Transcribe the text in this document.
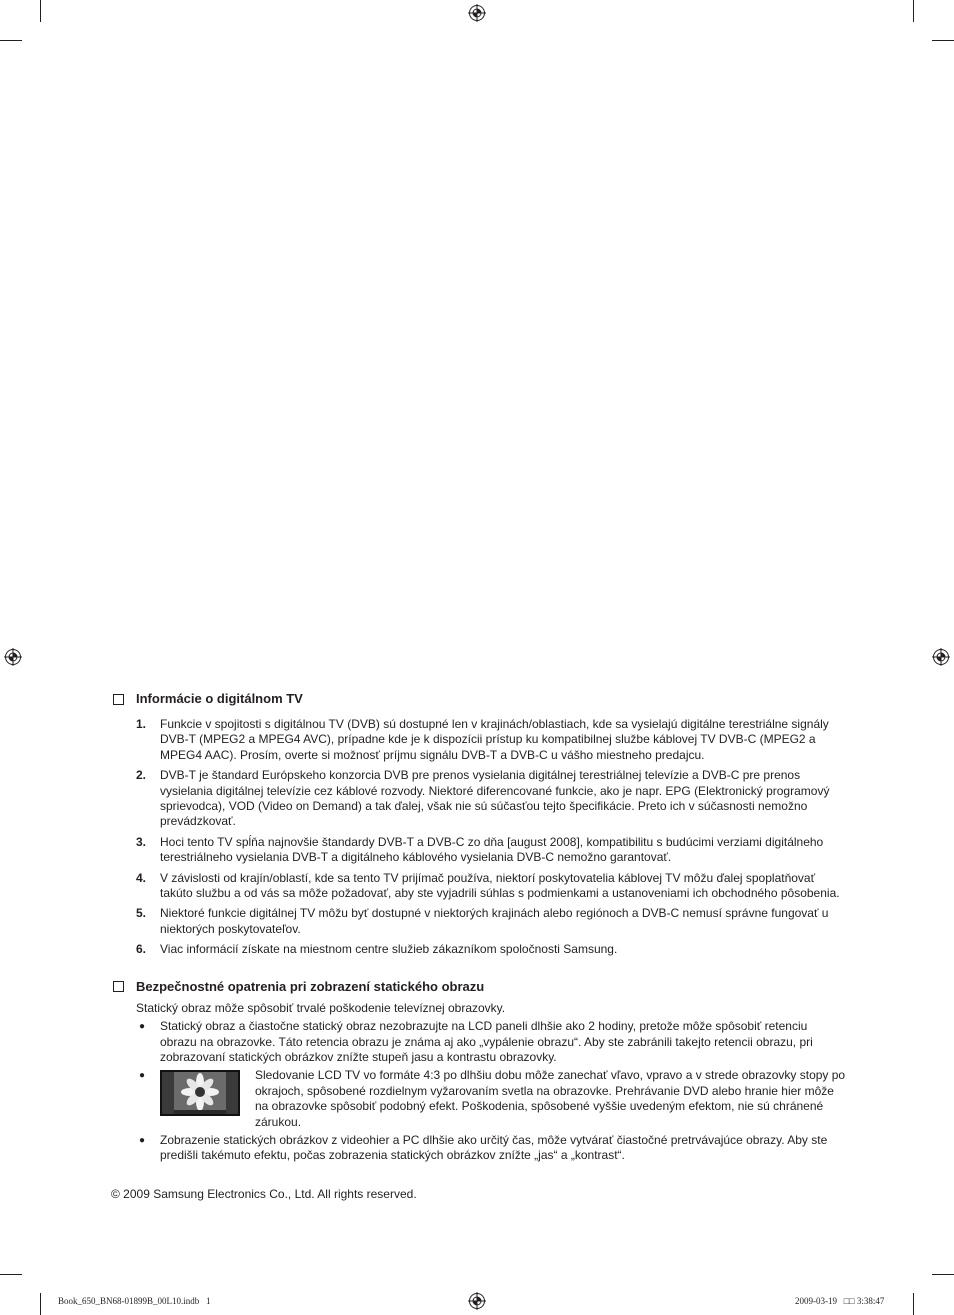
Informácie o digitálnom TV
1.	Funkcie v spojitosti s digitálnou TV (DVB) sú dostupné len v krajinách/oblastiach, kde sa vysielajú digitálne terestriálne signály DVB-T (MPEG2 a MPEG4 AVC), prípadne kde je k dispozícii prístup ku kompatibilnej službe káblovej TV DVB-C (MPEG2 a MPEG4 AAC). Prosím, overte si možnosť príjmu signálu DVB-T a DVB-C u vášho miestneho predajcu.
2.	DVB-T je štandard Európskeho konzorcia DVB pre prenos vysielania digitálnej terestriálnej televízie a DVB-C pre prenos vysielania digitálnej televízie cez káblové rozvody. Niektoré diferencované funkcie, ako je napr. EPG (Elektronický programový sprievodca), VOD (Video on Demand) a tak ďalej, však nie sú súčasťou tejto špecifikácie. Preto ich v súčasnosti nemožno prevádzkovať.
3.	Hoci tento TV spĺňa najnovšie štandardy DVB-T a DVB-C zo dňa [august 2008], kompatibilitu s budúcimi verziami digitálneho terestriálneho vysielania DVB-T a digitálneho káblového vysielania DVB-C nemožno garantovať.
4.	V závislosti od krajín/oblastí, kde sa tento TV prijímač používa, niektorí poskytovatelia káblovej TV môžu ďalej spoplatňovať takúto službu a od vás sa môže požadovať, aby ste vyjadrili súhlas s podmienkami a ustanoveniami ich obchodného pôsobenia.
5.	Niektoré funkcie digitálnej TV môžu byť dostupné v niektorých krajinách alebo regiónoch a DVB-C nemusí správne fungovať u niektorých poskytovateľov.
6.	Viac informácií získate na miestnom centre služieb zákazníkom spoločnosti Samsung.
Bezpečnostné opatrenia pri zobrazení statického obrazu
Statický obraz môže spôsobiť trvalé poškodenie televíznej obrazovky.
●	Statický obraz a čiastočne statický obraz nezobrazujte na LCD paneli dlhšie ako 2 hodiny, pretože môže spôsobiť retenciu obrazu na obrazovke. Táto retencia obrazu je známa aj ako „vypálenie obrazu“. Aby ste zabránili takejto retencii obrazu, pri zobrazovaní statických obrázkov znížte stupeň jasu a kontrastu obrazovky.
●	Sledovanie LCD TV vo formáte 4:3 po dlhšiu dobu môže zanechať vľavo, vpravo a v strede obrazovky stopy po okrajoch, spôsobené rozdielnym vyžarovaním svetla na obrazovke. Prehrávanie DVD alebo hranie hier môže na obrazovke spôsobiť podobný efekt. Poškodenia, spôsobené vyššie uvedeným efektom, nie sú chránené zárukou.
●	Zobrazenie statických obrázkov z videohier a PC dlhšie ako určitý čas, môže vytvárať čiastočné pretrvávajúce obrazy. Aby ste predišli takémuto efektu, počas zobrazenia statických obrázkov znížte „jas“ a „kontrast“.
© 2009 Samsung Electronics Co., Ltd. All rights reserved.
Book_650_BN68-01899B_00L10.indb   1	2009-03-19   □□ 3:38:47
